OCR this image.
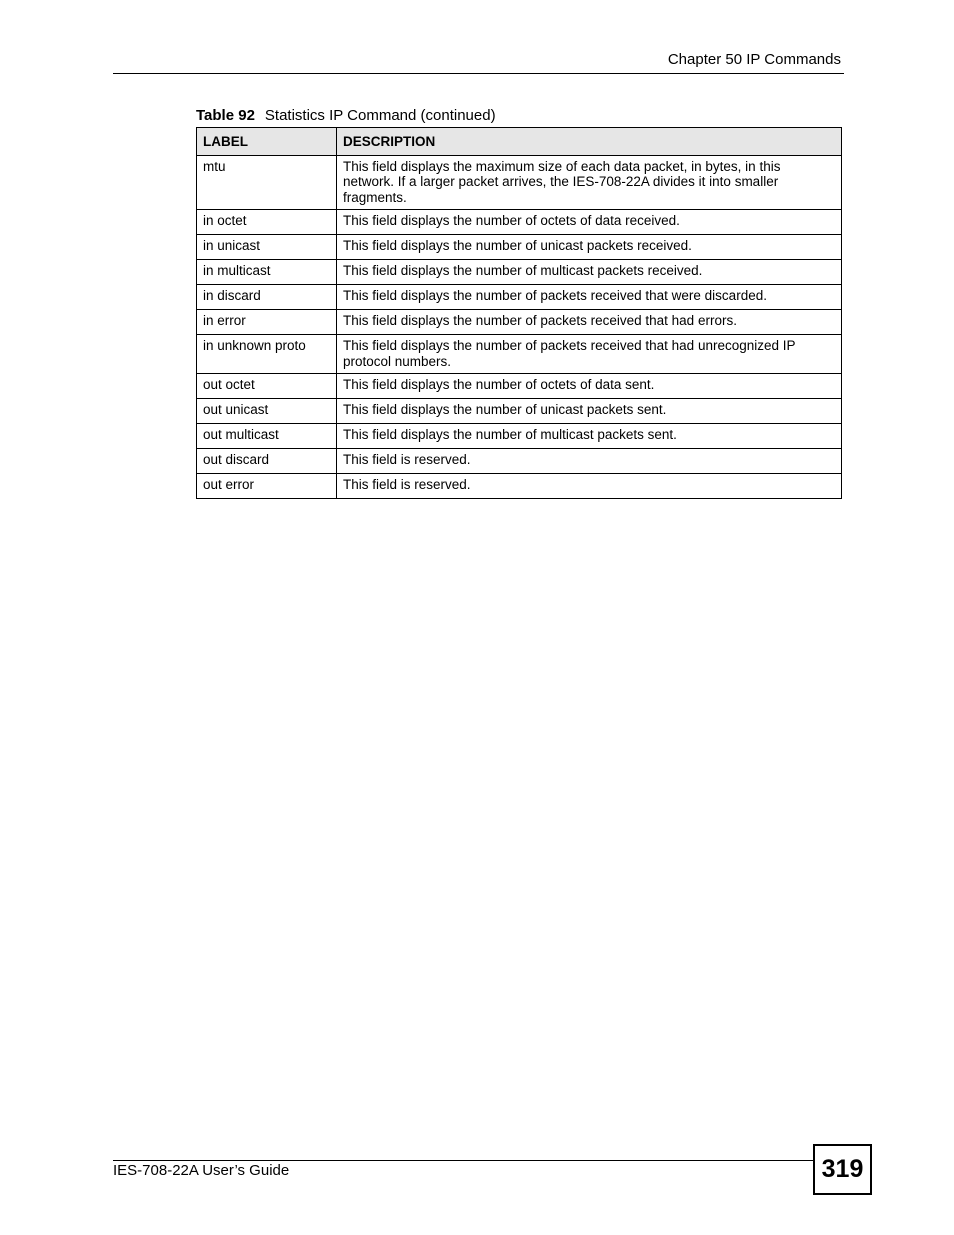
Chapter 50 IP Commands
Table 92 Statistics IP Command (continued)
LABEL	DESCRIPTION
mtu	This field displays the maximum size of each data packet, in bytes, in this network. If a larger packet arrives, the IES-708-22A divides it into smaller fragments.
in octet	This field displays the number of octets of data received.
in unicast	This field displays the number of unicast packets received.
in multicast	This field displays the number of multicast packets received.
in discard	This field displays the number of packets received that were discarded.
in error	This field displays the number of packets received that had errors.
in unknown proto	This field displays the number of packets received that had unrecognized IP protocol numbers.
out octet	This field displays the number of octets of data sent.
out unicast	This field displays the number of unicast packets sent.
out multicast	This field displays the number of multicast packets sent.
out discard	This field is reserved.
out error	This field is reserved.
IES-708-22A User’s Guide	319
